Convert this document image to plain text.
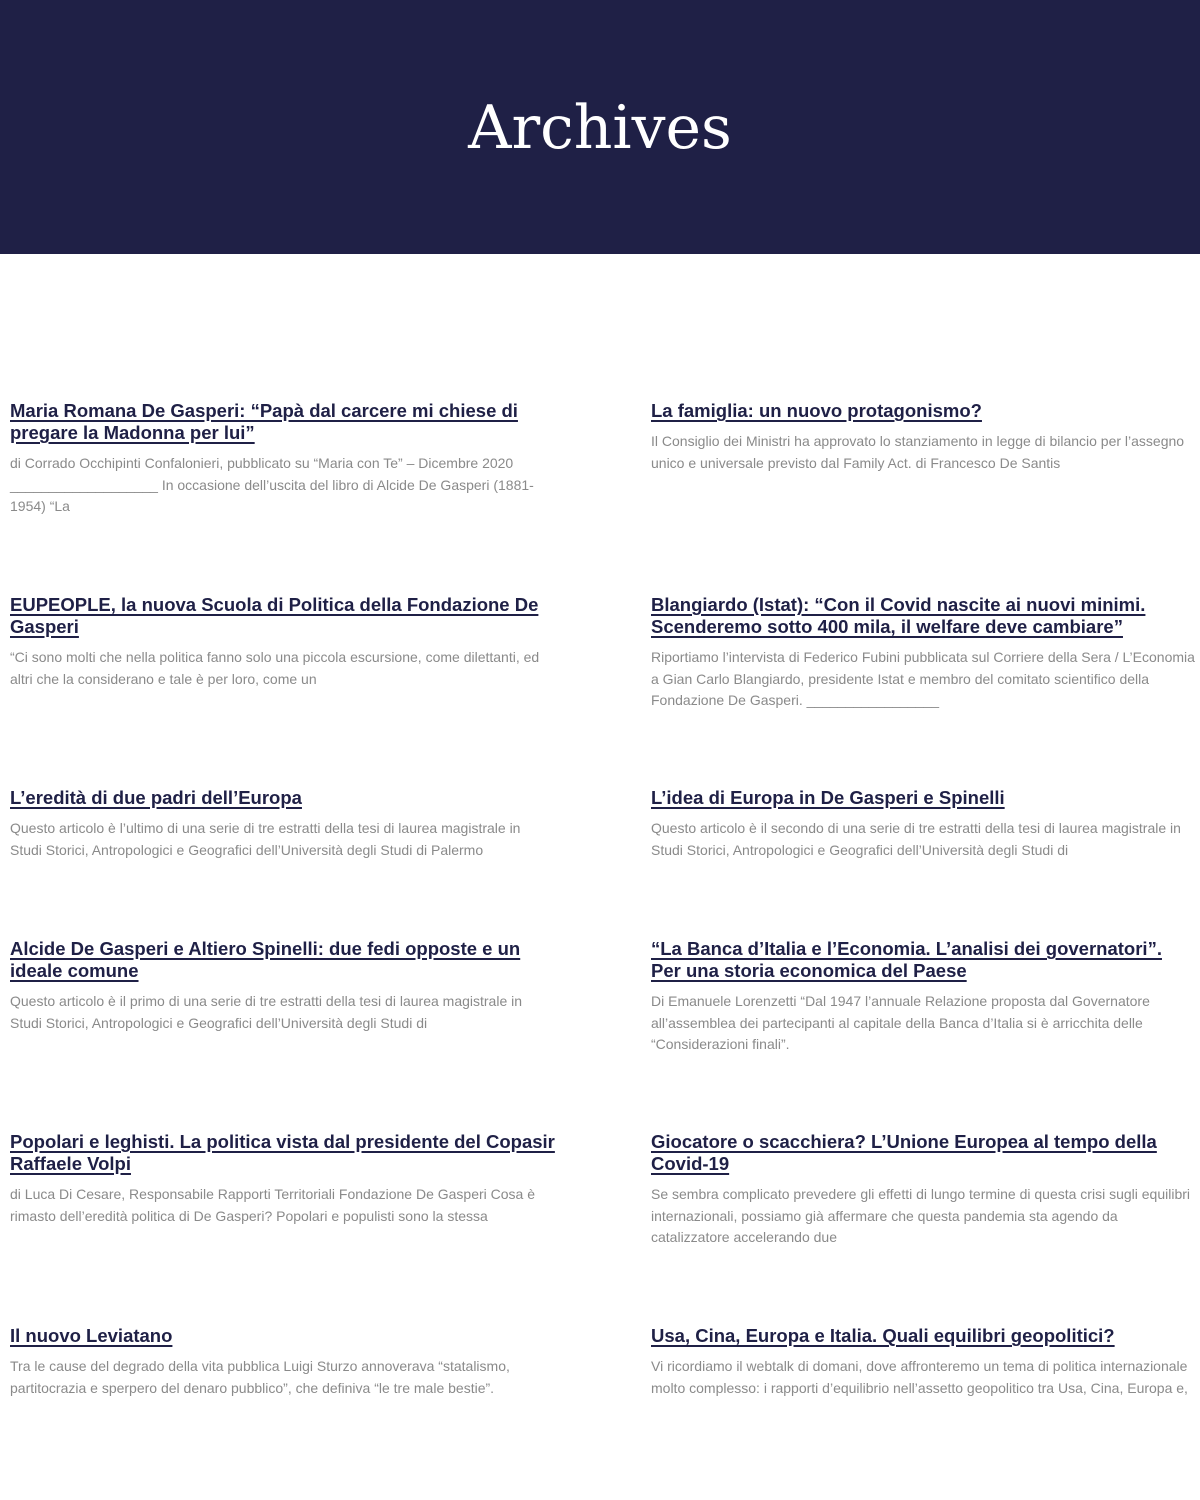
Archives
Maria Romana De Gasperi: “Papà dal carcere mi chiese di pregare la Madonna per lui”

di Corrado Occhipinti Confalonieri, pubblicato su “Maria con Te” – Dicembre 2020 ___________________ In occasione dell’uscita del libro di Alcide De Gasperi (1881-1954) “La

La famiglia: un nuovo protagonismo?

Il Consiglio dei Ministri ha approvato lo stanziamento in legge di bilancio per l’assegno unico e universale previsto dal Family Act. di Francesco De Santis

EUPEOPLE, la nuova Scuola di Politica della Fondazione De Gasperi

“Ci sono molti che nella politica fanno solo una piccola escursione, come dilettanti, ed altri che la considerano e tale è per loro, come un

Blangiardo (Istat): “Con il Covid nascite ai nuovi minimi. Scenderemo sotto 400 mila, il welfare deve cambiare”

Riportiamo l’intervista di Federico Fubini pubblicata sul Corriere della Sera / L’Economia a Gian Carlo Blangiardo, presidente Istat e membro del comitato scientifico della Fondazione De Gasperi. _________________

L’eredità di due padri dell’Europa

Questo articolo è l’ultimo di una serie di tre estratti della tesi di laurea magistrale in Studi Storici, Antropologici e Geografici dell’Università degli Studi di Palermo

L’idea di Europa in De Gasperi e Spinelli

Questo articolo è il secondo di una serie di tre estratti della tesi di laurea magistrale in Studi Storici, Antropologici e Geografici dell’Università degli Studi di

Alcide De Gasperi e Altiero Spinelli: due fedi opposte e un ideale comune

Questo articolo è il primo di una serie di tre estratti della tesi di laurea magistrale in Studi Storici, Antropologici e Geografici dell’Università degli Studi di

“La Banca d’Italia e l’Economia. L’analisi dei governatori”. Per una storia economica del Paese

Di Emanuele Lorenzetti “Dal 1947 l’annuale Relazione proposta dal Governatore all’assemblea dei partecipanti al capitale della Banca d’Italia si è arricchita delle “Considerazioni finali”.

Popolari e leghisti. La politica vista dal presidente del Copasir Raffaele Volpi

di Luca Di Cesare, Responsabile Rapporti Territoriali Fondazione De Gasperi Cosa è rimasto dell’eredità politica di De Gasperi? Popolari e populisti sono la stessa

Giocatore o scacchiera? L’Unione Europea al tempo della Covid-19

Se sembra complicato prevedere gli effetti di lungo termine di questa crisi sugli equilibri internazionali, possiamo già affermare che questa pandemia sta agendo da catalizzatore accelerando due

Il nuovo Leviatano

Tra le cause del degrado della vita pubblica Luigi Sturzo annoverava “statalismo, partitocrazia e sperpero del denaro pubblico”, che definiva “le tre male bestie”.

Usa, Cina, Europa e Italia. Quali equilibri geopolitici?

Vi ricordiamo il webtalk di domani, dove affronteremo un tema di politica internazionale molto complesso: i rapporti d’equilibrio nell’assetto geopolitico tra Usa, Cina, Europa e,
